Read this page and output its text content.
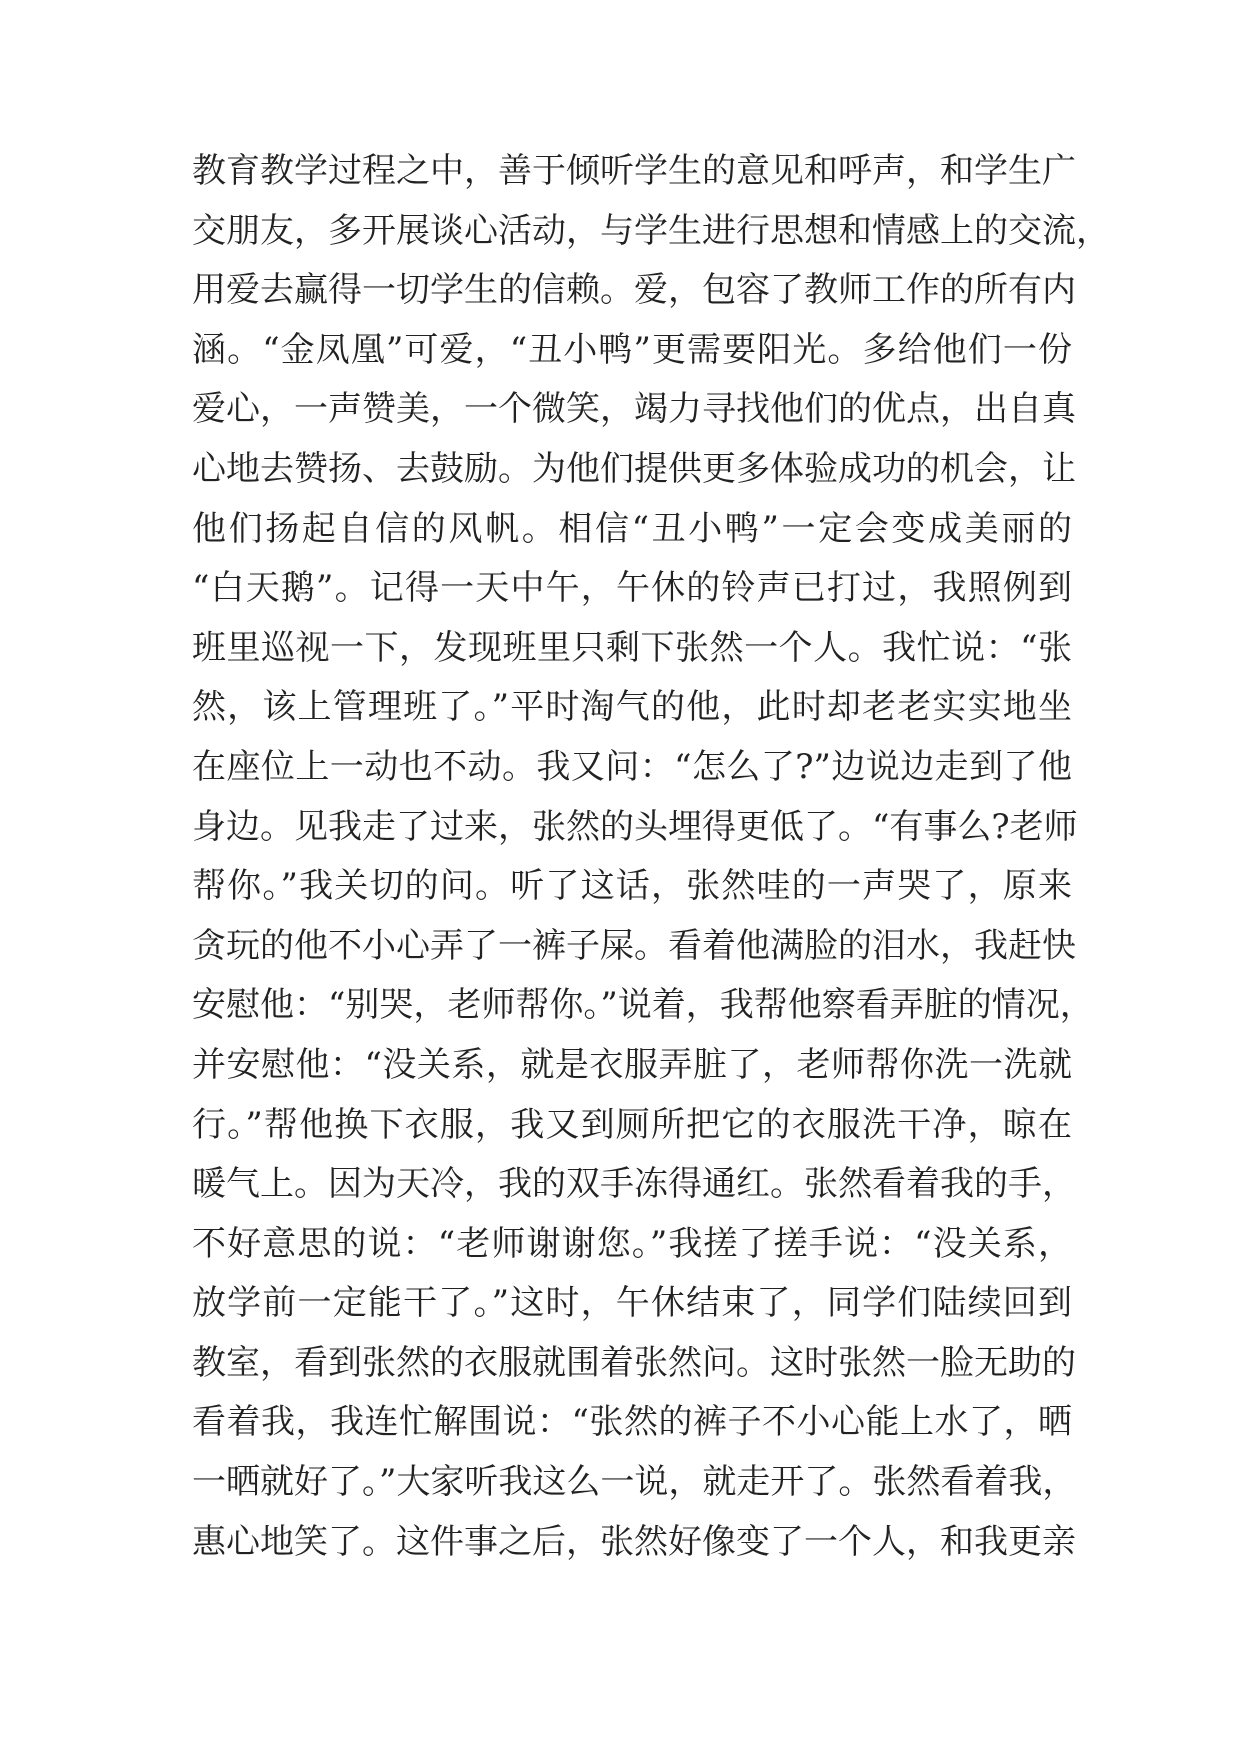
教育教学过程之中，善于倾听学生的意见和呼声，和学生广
交朋友，多开展谈心活动，与学生进行思想和情感上的交流，
用爱去赢得一切学生的信赖。爱，包容了教师工作的所有内
涵。“金凤凰”可爱，“丑小鸭”更需要阳光。多给他们一份
爱心，一声赞美，一个微笑，竭力寻找他们的优点，出自真
心地去赞扬、去鼓励。为他们提供更多体验成功的机会，让
他们扬起自信的风帆。相信“丑小鸭”一定会变成美丽的
“白天鹅”。记得一天中午，午休的铃声已打过，我照例到
班里巡视一下，发现班里只剩下张然一个人。我忙说：“张
然，该上管理班了。”平时淘气的他，此时却老老实实地坐
在座位上一动也不动。我又问：“怎么了?”边说边走到了他
身边。见我走了过来，张然的头埋得更低了。“有事么?老师
帮你。”我关切的问。听了这话，张然哇的一声哭了，原来
贪玩的他不小心弄了一裤子屎。看着他满脸的泪水，我赶快
安慰他：“别哭，老师帮你。”说着，我帮他察看弄脏的情况，
并安慰他：“没关系，就是衣服弄脏了，老师帮你洗一洗就
行。”帮他换下衣服，我又到厕所把它的衣服洗干净，晾在
暖气上。因为天冷，我的双手冻得通红。张然看着我的手，
不好意思的说：“老师谢谢您。”我搓了搓手说：“没关系，
放学前一定能干了。”这时，午休结束了，同学们陆续回到
教室，看到张然的衣服就围着张然问。这时张然一脸无助的
看着我，我连忙解围说：“张然的裤子不小心能上水了，晒
一晒就好了。”大家听我这么一说，就走开了。张然看着我，
惠心地笑了。这件事之后，张然好像变了一个人，和我更亲
